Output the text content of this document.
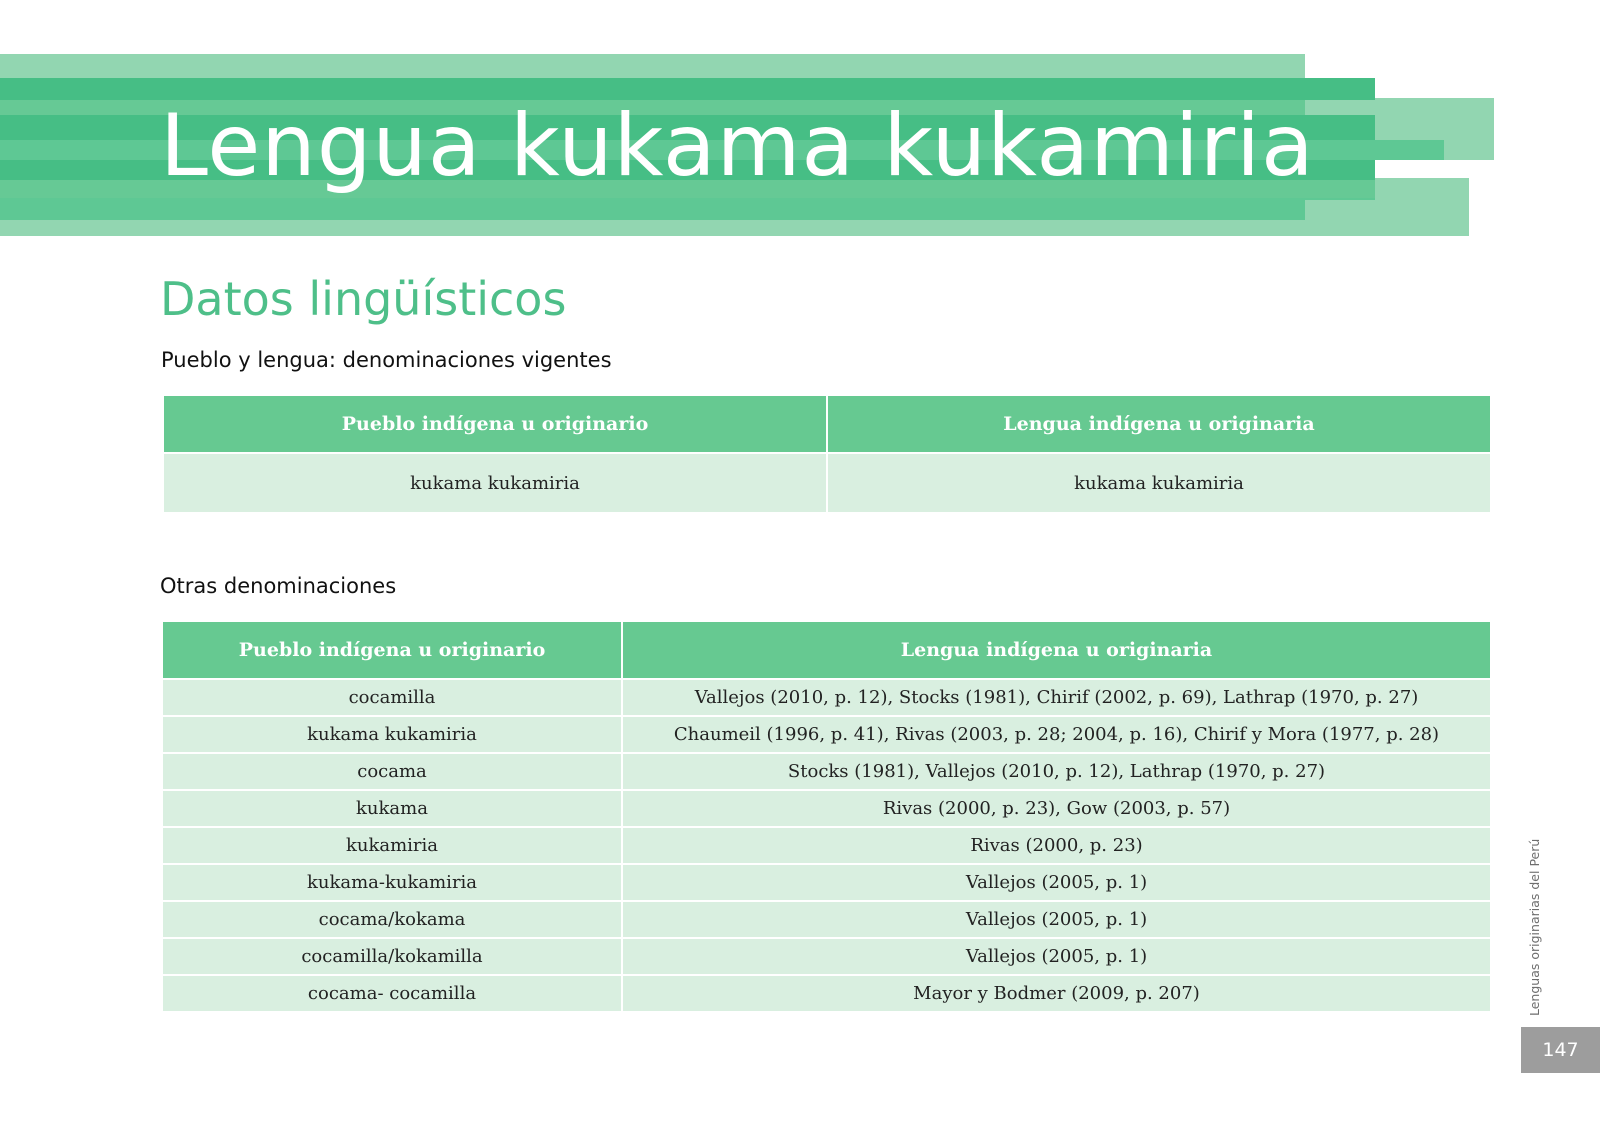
Lengua kukama kukamiria
Datos lingüísticos
Pueblo y lengua: denominaciones vigentes
Pueblo indígena u originario	Lengua indígena u originaria
kukama kukamiria	kukama kukamiria
Otras denominaciones
Pueblo indígena u originario	Lengua indígena u originaria
cocamilla	Vallejos (2010, p. 12), Stocks (1981), Chirif (2002, p. 69), Lathrap (1970, p. 27)
kukama kukamiria	Chaumeil (1996, p. 41), Rivas (2003, p. 28; 2004, p. 16), Chirif y Mora (1977, p. 28)
cocama	Stocks (1981), Vallejos (2010, p. 12), Lathrap (1970, p. 27)
kukama	Rivas (2000, p. 23), Gow (2003, p. 57)
kukamiria	Rivas (2000, p. 23)
kukama-kukamiria	Vallejos (2005, p. 1)
cocama/kokama	Vallejos (2005, p. 1)
cocamilla/kokamilla	Vallejos (2005, p. 1)
cocama- cocamilla	Mayor y Bodmer (2009, p. 207)	Lenguas originarias del Perú
147
